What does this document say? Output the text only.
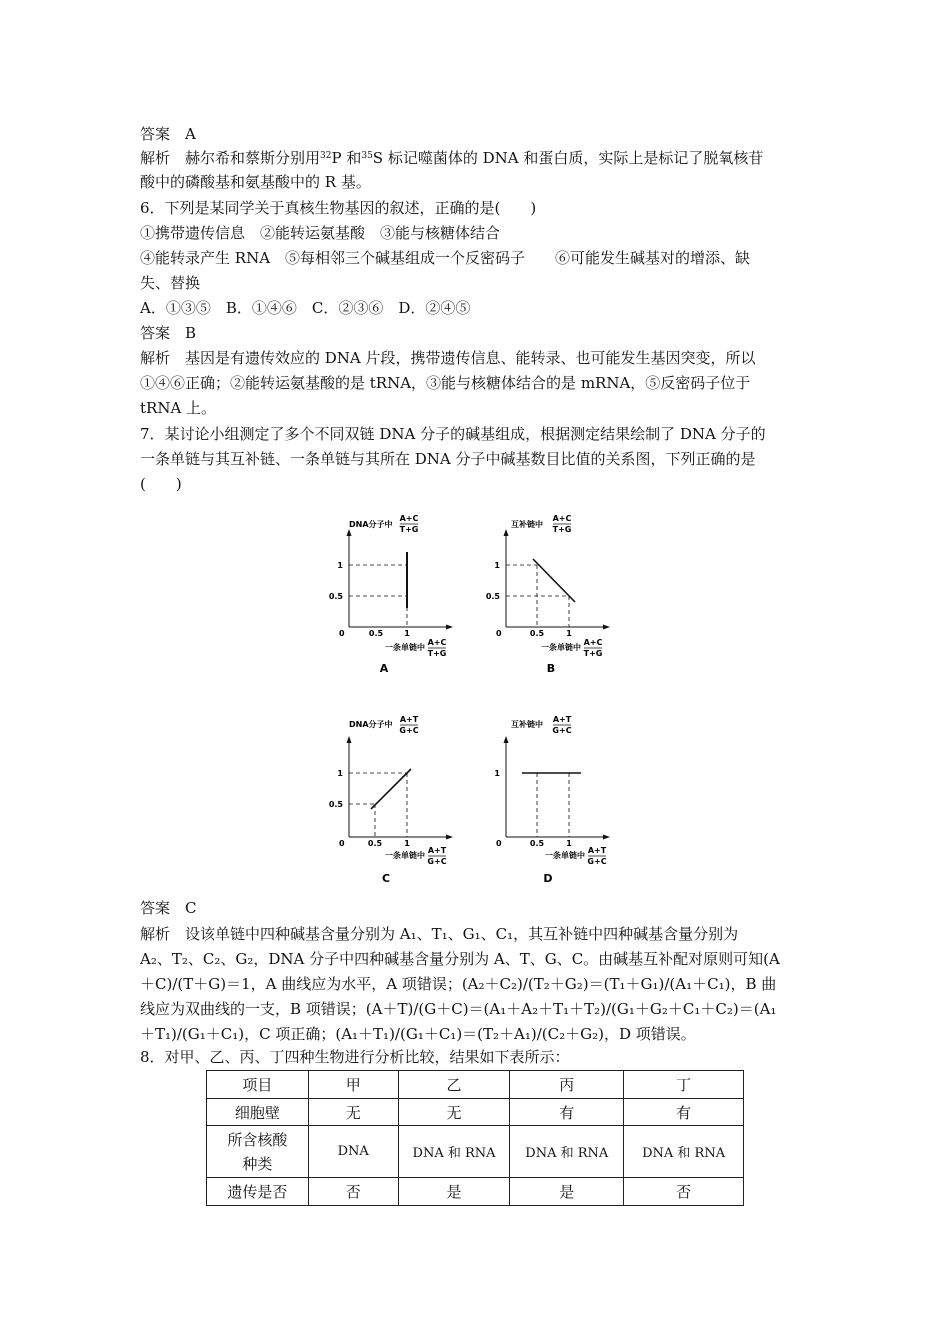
答案　A
解析　赫尔希和蔡斯分别用$^{32}$P 和$^{35}$S 标记噬菌体的 DNA 和蛋白质，实际上是标记了脱氧核苷
酸中的磷酸基和氨基酸中的 R 基。
6．下列是某同学关于真核生物基因的叙述，正确的是(　　)
①携带遗传信息　②能转运氨基酸　③能与核糖体结合
④能转录产生 RNA　⑤每相邻三个碱基组成一个反密码子　　⑥可能发生碱基对的增添、缺
失、替换
A．①③⑤　B．①④⑥　C．②③⑥　D．②④⑤
答案　B
解析　基因是有遗传效应的 DNA 片段，携带遗传信息、能转录、也可能发生基因突变，所以
①④⑥正确；②能转运氨基酸的是 tRNA，③能与核糖体结合的是 mRNA，⑤反密码子位于
tRNA 上。
7．某讨论小组测定了多个不同双链 DNA 分子的碱基组成，根据测定结果绘制了 DNA 分子的
一条单链与其互补链、一条单链与其所在 DNA 分子中碱基数目比值的关系图，下列正确的是
(　　)
DNA分子中
A+C
T+G
0	0.5	1
1
0.5
一条单链中
A+C
T+G
A
互补链中
A+C
T+G
0	0.5	1
1
0.5
一条单链中
A+C
T+G
B
DNA分子中
A+T
G+C
0	0.5	1
1
0.5
一条单链中
A+T
G+C
C
互补链中
A+T
G+C
0	0.5	1
1
一条单链中
A+T
G+C
D
答案　C
解析　设该单链中四种碱基含量分别为 A₁、T₁、G₁、C₁，其互补链中四种碱基含量分别为
A₂、T₂、C₂、G₂，DNA 分子中四种碱基含量分别为 A、T、G、C。由碱基互补配对原则可知(A
＋C)/(T＋G)＝1，A 曲线应为水平，A 项错误；(A₂＋C₂)/(T₂＋G₂)＝(T₁＋G₁)/(A₁＋C₁)，B 曲
线应为双曲线的一支，B 项错误；(A＋T)/(G＋C)＝(A₁＋A₂＋T₁＋T₂)/(G₁＋G₂＋C₁＋C₂)＝(A₁
＋T₁)/(G₁＋C₁)，C 项正确；(A₁＋T₁)/(G₁＋C₁)＝(T₂＋A₁)/(C₂＋G₂)，D 项错误。
8．对甲、乙、丙、丁四种生物进行分析比较，结果如下表所示：
项目	甲	乙	丙	丁
细胞壁	无	无	有	有
所含核酸
种类	DNA	DNA 和 RNA	DNA 和 RNA	DNA 和 RNA
遗传是否	否	是	是	否
